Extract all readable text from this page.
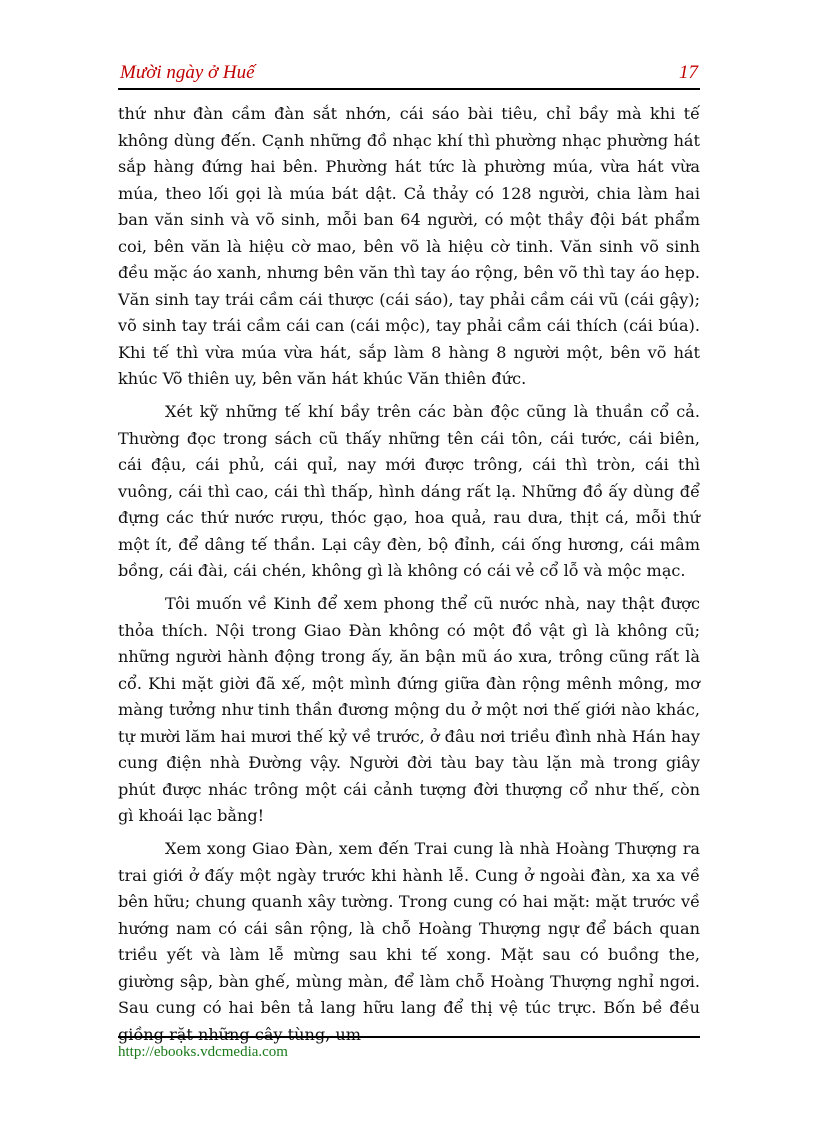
Mười ngày ở Huế	17

thứ như đàn cầm đàn sắt nhớn, cái sáo bài tiêu, chỉ bầy mà khi tế không dùng đến. Cạnh những đồ nhạc khí thì phường nhạc phường hát sắp hàng đứng hai bên. Phường hát tức là phường múa, vừa hát vừa múa, theo lối gọi là múa bát dật. Cả thảy có 128 người, chia làm hai ban văn sinh và võ sinh, mỗi ban 64 người, có một thầy đội bát phẩm coi, bên văn là hiệu cờ mao, bên võ là hiệu cờ tinh. Văn sinh võ sinh đều mặc áo xanh, nhưng bên văn thì tay áo rộng, bên võ thì tay áo hẹp. Văn sinh tay trái cầm cái thược (cái sáo), tay phải cầm cái vũ (cái gậy); võ sinh tay trái cầm cái can (cái mộc), tay phải cầm cái thích (cái búa). Khi tế thì vừa múa vừa hát, sắp làm 8 hàng 8 người một, bên võ hát khúc Võ thiên uy, bên văn hát khúc Văn thiên đức.

Xét kỹ những tế khí bầy trên các bàn độc cũng là thuần cổ cả. Thường đọc trong sách cũ thấy những tên cái tôn, cái tước, cái biên, cái đậu, cái phủ, cái quỉ, nay mới được trông, cái thì tròn, cái thì vuông, cái thì cao, cái thì thấp, hình dáng rất lạ. Những đồ ấy dùng để đựng các thứ nước rượu, thóc gạo, hoa quả, rau dưa, thịt cá, mỗi thứ một ít, để dâng tế thần. Lại cây đèn, bộ đỉnh, cái ống hương, cái mâm bồng, cái đài, cái chén, không gì là không có cái vẻ cổ lỗ và mộc mạc.

Tôi muốn về Kinh để xem phong thể cũ nước nhà, nay thật được thỏa thích. Nội trong Giao Đàn không có một đồ vật gì là không cũ; những người hành động trong ấy, ăn bận mũ áo xưa, trông cũng rất là cổ. Khi mặt giời đã xế, một mình đứng giữa đàn rộng mênh mông, mơ màng tưởng như tinh thần đương mộng du ở một nơi thế giới nào khác, tự mười lăm hai mươi thế kỷ về trước, ở đâu nơi triều đình nhà Hán hay cung điện nhà Đường vậy. Người đời tàu bay tàu lặn mà trong giây phút được nhác trông một cái cảnh tượng đời thượng cổ như thế, còn gì khoái lạc bằng!

Xem xong Giao Đàn, xem đến Trai cung là nhà Hoàng Thượng ra trai giới ở đấy một ngày trước khi hành lễ. Cung ở ngoài đàn, xa xa về bên hữu; chung quanh xây tường. Trong cung có hai mặt: mặt trước về hướng nam có cái sân rộng, là chỗ Hoàng Thượng ngự để bách quan triều yết và làm lễ mừng sau khi tế xong. Mặt sau có buồng the, giường sập, bàn ghế, mùng màn, để làm chỗ Hoàng Thượng nghỉ ngơi. Sau cung có hai bên tả lang hữu lang để thị vệ túc trực. Bốn bề đều giồng rặt những cây tùng, um

http://ebooks.vdcmedia.com
